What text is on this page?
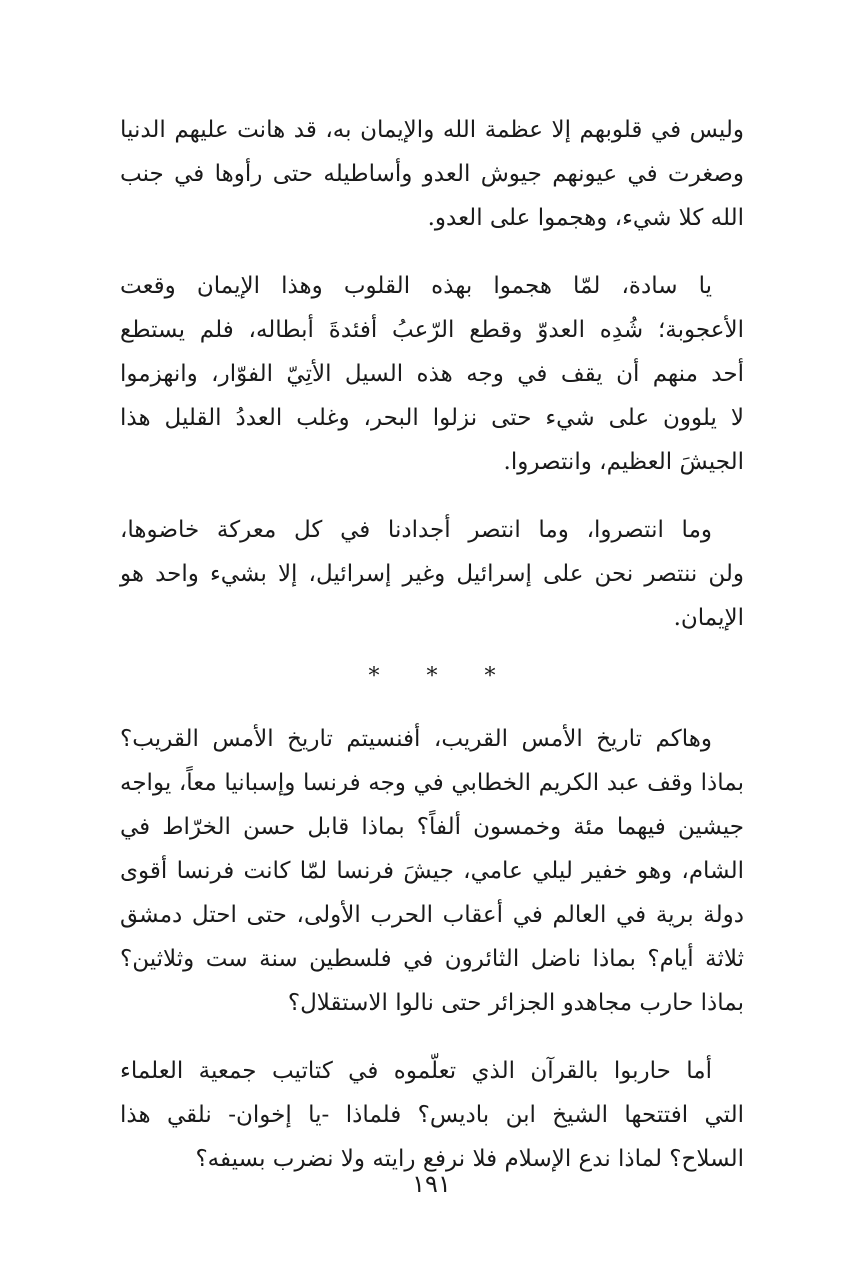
وليس في قلوبهم إلا عظمة الله والإيمان به، قد هانت عليهم الدنيا
وصغرت في عيونهم جيوش العدو وأساطيله حتى رأوها في جنب
الله كلا شيء، وهجموا على العدو.

يا سادة، لمّا هجموا بهذه القلوب وهذا الإيمان وقعت
الأعجوبة؛ شُدِه العدوّ وقطع الرّعبُ أفئدةَ أبطاله، فلم يستطع
أحد منهم أن يقف في وجه هذه السيل الأتِيّ الفوّار، وانهزموا
لا يلوون على شيء حتى نزلوا البحر، وغلب العددُ القليل هذا
الجيشَ العظيم، وانتصروا.

وما انتصروا، وما انتصر أجدادنا في كل معركة خاضوها،
ولن ننتصر نحن على إسرائيل وغير إسرائيل، إلا بشيء واحد هو
الإيمان.

* * *

وهاكم تاريخ الأمس القريب، أفنسيتم تاريخ الأمس القريب؟
بماذا وقف عبد الكريم الخطابي في وجه فرنسا وإسبانيا معاً، يواجه
جيشين فيهما مئة وخمسون ألفاً؟ بماذا قابل حسن الخرّاط في
الشام، وهو خفير ليلي عامي، جيشَ فرنسا لمّا كانت فرنسا أقوى
دولة برية في العالم في أعقاب الحرب الأولى، حتى احتل دمشق
ثلاثة أيام؟ بماذا ناضل الثائرون في فلسطين سنة ست وثلاثين؟
بماذا حارب مجاهدو الجزائر حتى نالوا الاستقلال؟

أما حاربوا بالقرآن الذي تعلّموه في كتاتيب جمعية العلماء
التي افتتحها الشيخ ابن باديس؟ فلماذا -يا إخوان- نلقي هذا
السلاح؟ لماذا ندع الإسلام فلا نرفع رايته ولا نضرب بسيفه؟

١٩١
